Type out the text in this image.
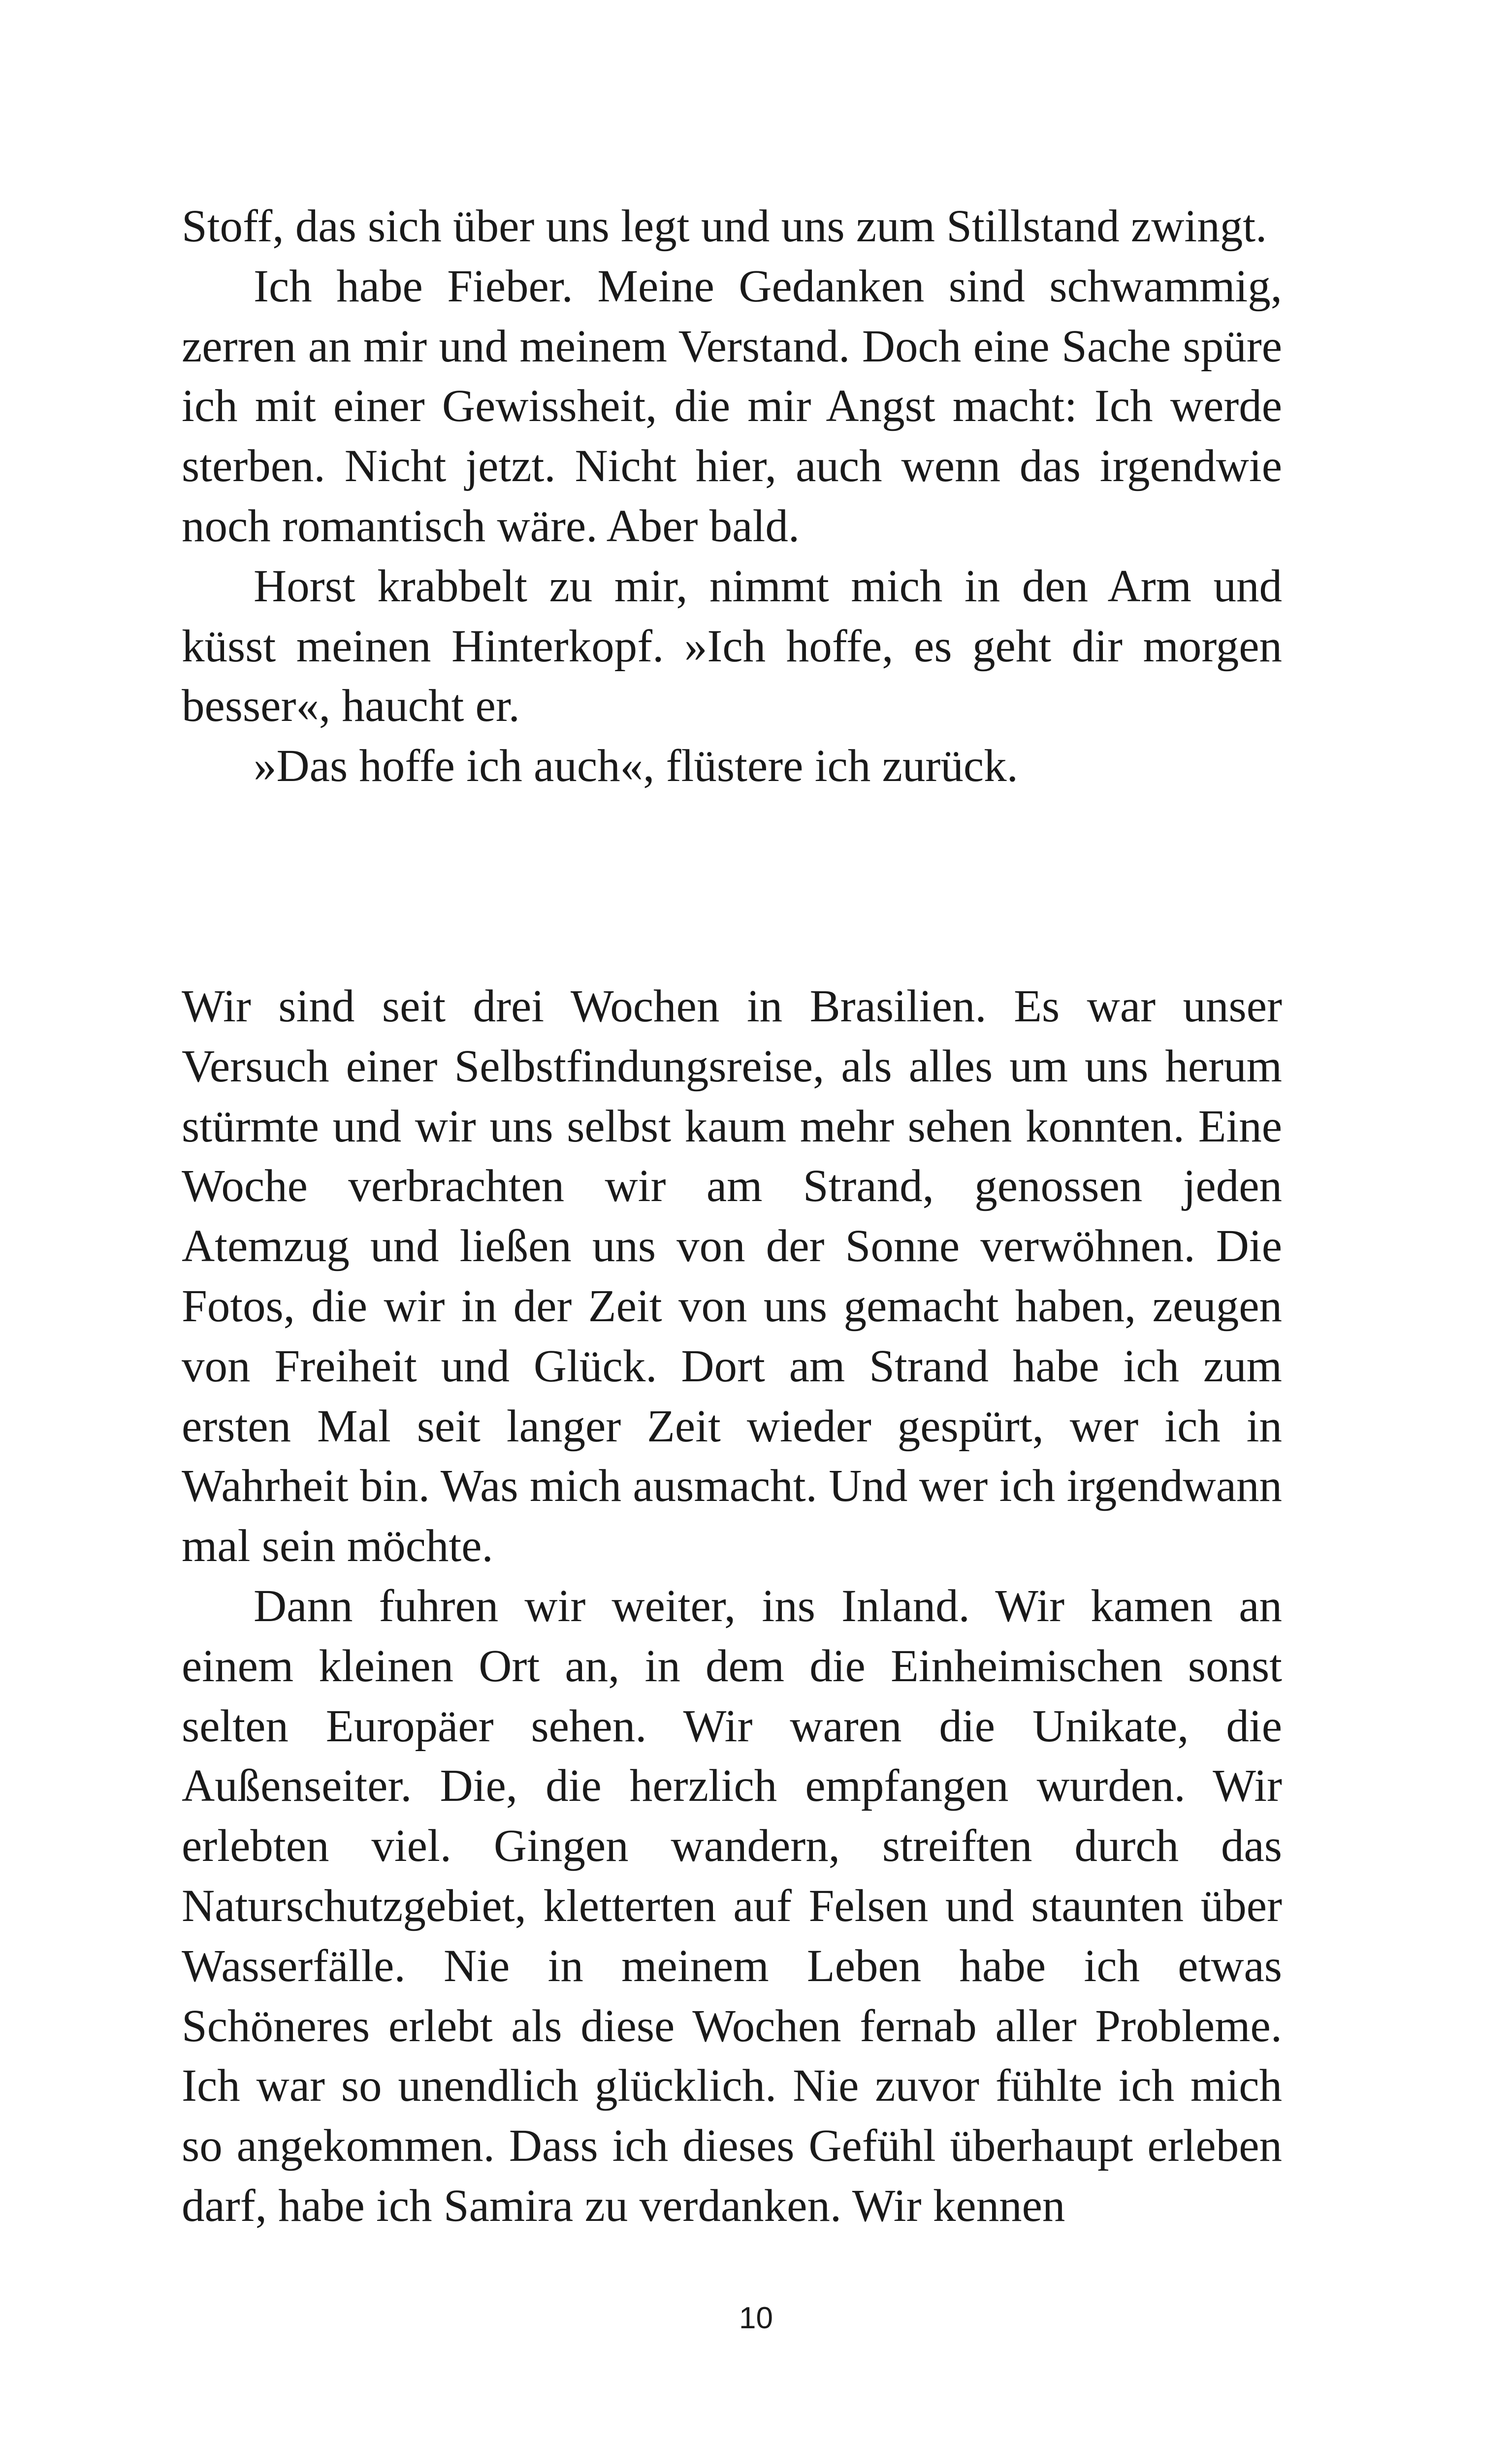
Stoff, das sich über uns legt und uns zum Stillstand zwingt.

Ich habe Fieber. Meine Gedanken sind schwammig, zerren an mir und meinem Verstand. Doch eine Sache spüre ich mit einer Gewissheit, die mir Angst macht: Ich werde sterben. Nicht jetzt. Nicht hier, auch wenn das irgendwie noch romantisch wäre. Aber bald.

Horst krabbelt zu mir, nimmt mich in den Arm und küsst meinen Hinterkopf. »Ich hoffe, es geht dir morgen besser«, haucht er.

»Das hoffe ich auch«, flüstere ich zurück.

Wir sind seit drei Wochen in Brasilien. Es war unser Versuch einer Selbstfindungsreise, als alles um uns herum stürmte und wir uns selbst kaum mehr sehen konnten. Eine Woche verbrachten wir am Strand, genossen jeden Atemzug und ließen uns von der Sonne verwöhnen. Die Fotos, die wir in der Zeit von uns gemacht haben, zeugen von Freiheit und Glück. Dort am Strand habe ich zum ersten Mal seit langer Zeit wieder gespürt, wer ich in Wahrheit bin. Was mich ausmacht. Und wer ich irgendwann mal sein möchte.

Dann fuhren wir weiter, ins Inland. Wir kamen an einem kleinen Ort an, in dem die Einheimischen sonst selten Europäer sehen. Wir waren die Unikate, die Außenseiter. Die, die herzlich empfangen wurden. Wir erlebten viel. Gingen wandern, streiften durch das Naturschutzgebiet, kletterten auf Felsen und staunten über Wasserfälle. Nie in meinem Leben habe ich etwas Schöneres erlebt als diese Wochen fernab aller Probleme. Ich war so unendlich glücklich. Nie zuvor fühlte ich mich so angekommen. Dass ich dieses Gefühl überhaupt erleben darf, habe ich Samira zu verdanken. Wir kennen

10
